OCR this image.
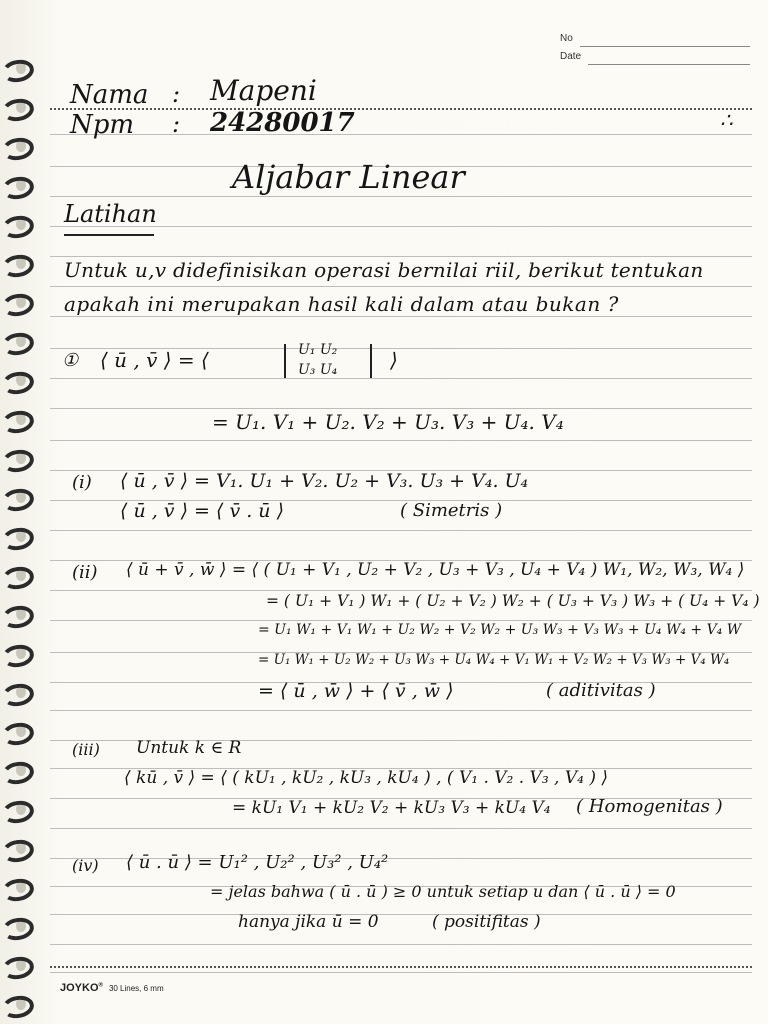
No
Date
Nama : Mapeni
Npm : 24280017	∴
Aljabar Linear
Latihan
Untuk u,v didefinisikan operasi bernilai riil, berikut tentukan
apakah ini merupakan hasil kali dalam atau bukan ?
① ⟨ ū , v̄ ⟩ = ⟨	U₁ U₂
U₃ U₄	⟩
= U₁. V₁ + U₂. V₂ + U₃. V₃ + U₄. V₄
(i) ⟨ ū , v̄ ⟩ = V₁. U₁ + V₂. U₂ + V₃. U₃ + V₄. U₄
⟨ ū , v̄ ⟩ = ⟨ v̄ . ū ⟩	( Simetris )
(ii) ⟨ ū + v̄ , w̄ ⟩ = ⟨ ( U₁ + V₁ , U₂ + V₂ , U₃ + V₃ , U₄ + V₄ ) W₁, W₂, W₃, W₄ ⟩
= ( U₁ + V₁ ) W₁ + ( U₂ + V₂ ) W₂ + ( U₃ + V₃ ) W₃ + ( U₄ + V₄ )
= U₁ W₁ + V₁ W₁ + U₂ W₂ + V₂ W₂ + U₃ W₃ + V₃ W₃ + U₄ W₄ + V₄ W
= U₁ W₁ + U₂ W₂ + U₃ W₃ + U₄ W₄ + V₁ W₁ + V₂ W₂ + V₃ W₃ + V₄ W₄
= ⟨ ū , w̄ ⟩ + ⟨ v̄ , w̄ ⟩	( aditivitas )
(iii) Untuk k ∈ R
⟨ kū , v̄ ⟩ = ⟨ ( kU₁ , kU₂ , kU₃ , kU₄ ) , ( V₁ . V₂ . V₃ , V₄ ) ⟩
= kU₁ V₁ + kU₂ V₂ + kU₃ V₃ + kU₄ V₄ ( Homogenitas )
(iv) ⟨ ū . ū ⟩ = U₁² , U₂² , U₃² , U₄²
= jelas bahwa ( ū . ū ) ≥ 0 untuk setiap u dan ⟨ ū . ū ⟩ = 0
hanya jika ū = 0	( positifitas )
JOYKO® 30 Lines, 6 mm
